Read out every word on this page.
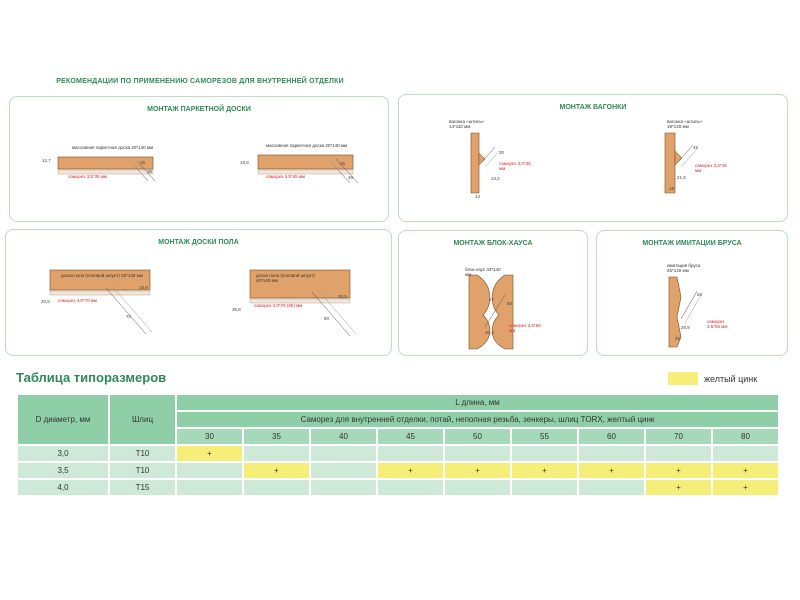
РЕКОМЕНДАЦИИ ПО ПРИМЕНЕНИЮ САМОРЕЗОВ ДЛЯ ВНУТРЕННЕЙ ОТДЕЛКИ
МОНТАЖ ПАРКЕТНОЙ ДОСКИ
массивная паркетная доска 20*140 мм
саморез 3,5*35 мм
12,7	15
35
массивная паркетная доска 20*140 мм
саморез 3,5*45 мм
19,8	15
45
МОНТАЖ ВАГОНКИ
вагонка «штиль» 14*110 мм
саморез 3,0*30 мм
30
13,2
14
вагонка «штиль» 18*140 мм
саморез 3,5*45 мм
45
21,8
18
МОНТАЖ ДОСКИ ПОЛА
доска пола (половой шпунт) 25*140 мм
саморез 4,0*70 мм
20,5
18,8
70
доска пола (половой шпунт) 40*140 мм
саморез 4,0*70 (80) мм
36,8
28,5
80
МОНТАЖ БЛОК-ХАУСА
блок-хаус 33*140 мм
саморез 3,5*50 мм
17
50
30,4
МОНТАЖ ИМИТАЦИИ БРУСА
имитация бруса 25*140 мм
саморез 3,5*55 мм
55
26,9
25
Таблица типоразмеров	желтый цинк
D диаметр, мм	Шлиц	L длина, мм								
		Саморез для внутренней отделки, потай, неполная резьба, зенкеры, шлиц TORX, желтый цинк								
		30	35	40	45	50	55	60	70	80
3,0	T10	+								
3,5	T10		+		+	+	+	+	+	+
4,0	T15								+	+
